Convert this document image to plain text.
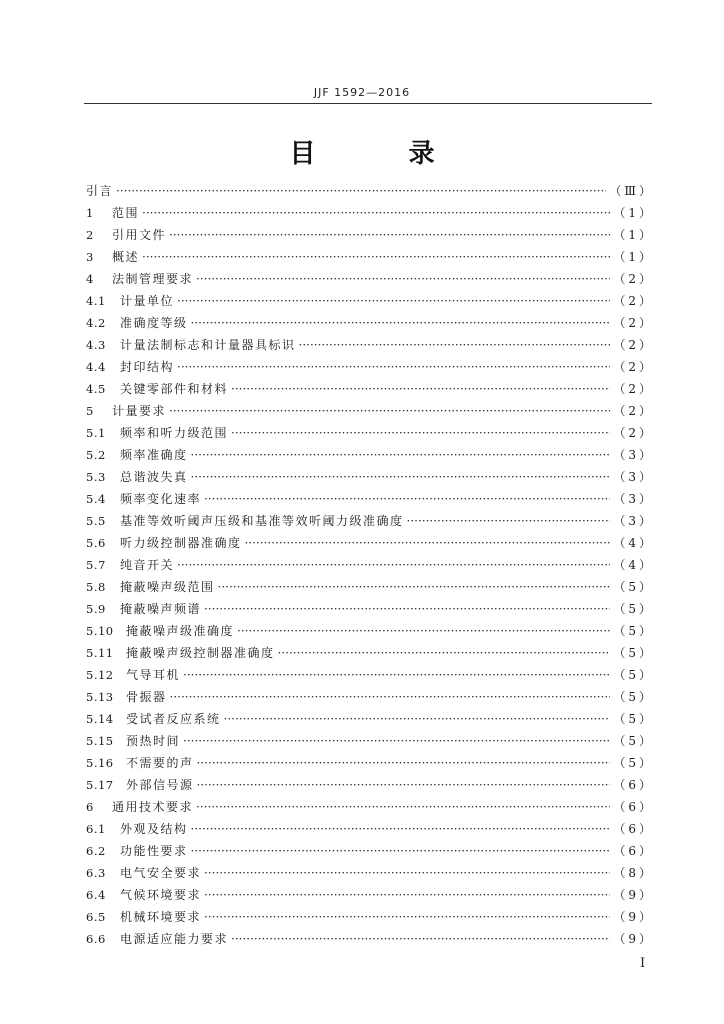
JJF 1592—2016
目 录
引言 ·····	（Ⅲ）
1	范围 ·····	（1）
2	引用文件 ·····	（1）
3	概述 ·····	（1）
4	法制管理要求 ·····	（2）
4.1	计量单位 ·····	（2）
4.2	准确度等级 ·····	（2）
4.3	计量法制标志和计量器具标识 ·····	（2）
4.4	封印结构 ·····	（2）
4.5	关键零部件和材料 ·····	（2）
5	计量要求 ·····	（2）
5.1	频率和听力级范围 ·····	（2）
5.2	频率准确度 ·····	（3）
5.3	总谐波失真 ·····	（3）
5.4	频率变化速率 ·····	（3）
5.5	基准等效听阈声压级和基准等效听阈力级准确度 ·····	（3）
5.6	听力级控制器准确度 ·····	（4）
5.7	纯音开关 ·····	（4）
5.8	掩蔽噪声级范围 ·····	（5）
5.9	掩蔽噪声频谱 ·····	（5）
5.10	掩蔽噪声级准确度 ·····	（5）
5.11	掩蔽噪声级控制器准确度 ·····	（5）
5.12	气导耳机 ·····	（5）
5.13	骨振器 ·····	（5）
5.14	受试者反应系统 ·····	（5）
5.15	预热时间 ·····	（5）
5.16	不需要的声 ·····	（5）
5.17	外部信号源 ·····	（6）
6	通用技术要求 ·····	（6）
6.1	外观及结构 ·····	（6）
6.2	功能性要求 ·····	（6）
6.3	电气安全要求 ·····	（8）
6.4	气候环境要求 ·····	（9）
6.5	机械环境要求 ·····	（9）
6.6	电源适应能力要求 ·····	（9）
I
